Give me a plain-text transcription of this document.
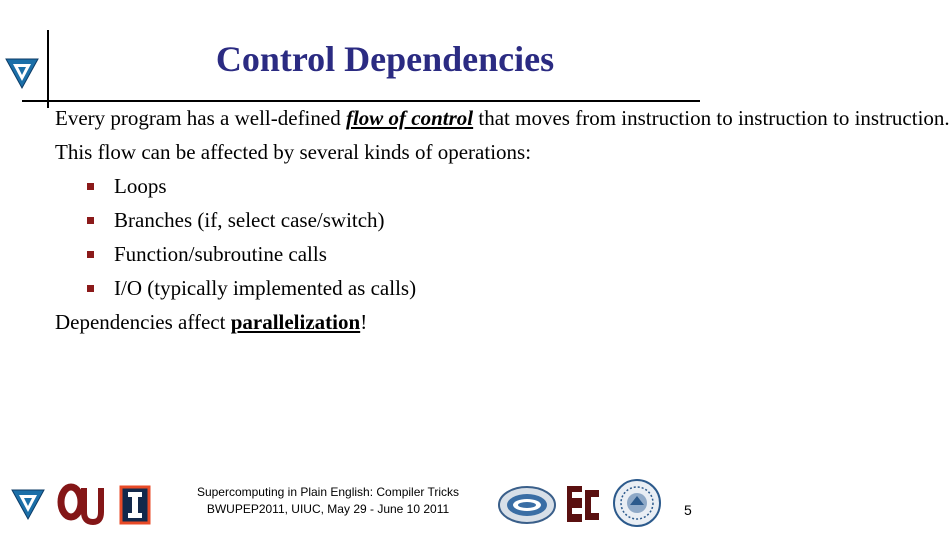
Control Dependencies

Every program has a well-defined flow of control that moves from instruction to instruction to instruction.

This flow can be affected by several kinds of operations:

Loops
Branches (if, select case/switch)
Function/subroutine calls
I/O (typically implemented as calls)

Dependencies affect parallelization!

Supercomputing in Plain English: Compiler Tricks
BWUPEP2011, UIUC, May 29 - June 10 2011	5
